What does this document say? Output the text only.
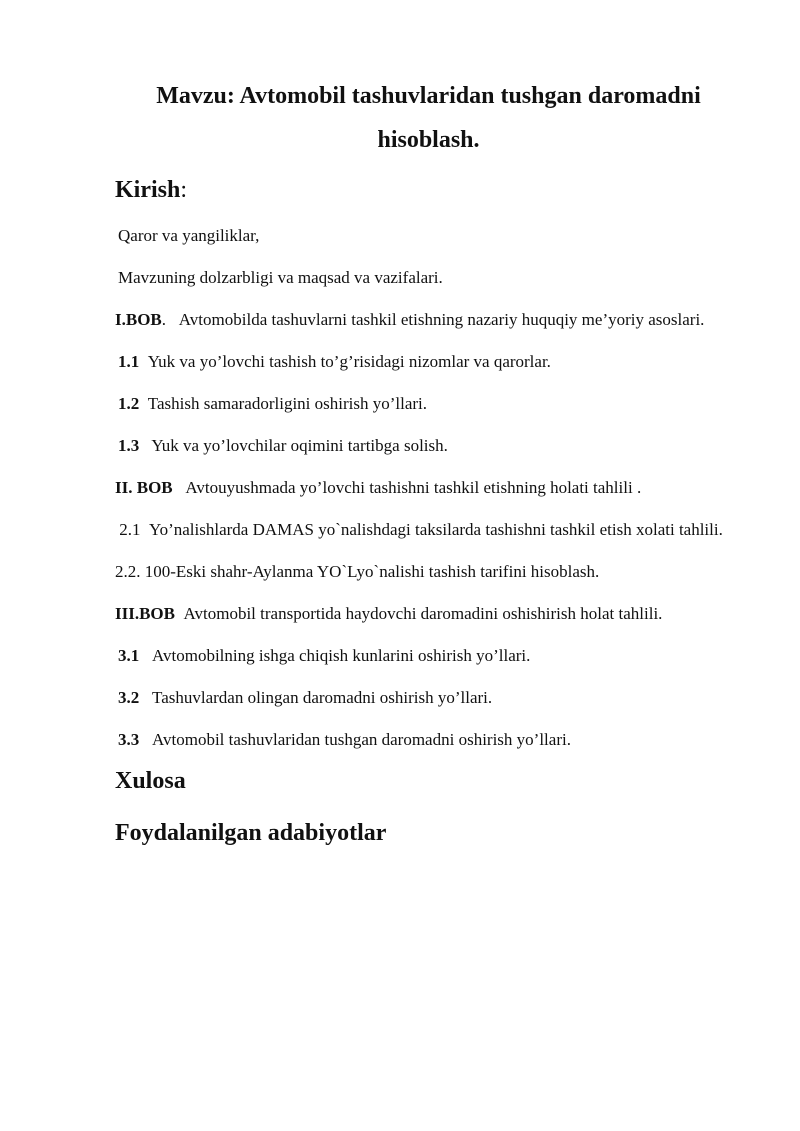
Mavzu: Avtomobil tashuvlaridan tushgan daromadni
hisoblash.
Kirish:

Qaror va yangiliklar,

Mavzuning dolzarbligi va maqsad va vazifalari.

I.BOB. Avtomobilda tashuvlarni tashkil etishning nazariy huquqiy me’yoriy asoslari.

1.1 Yuk va yo’lovchi tashish to’g’risidagi nizomlar va qarorlar.

1.2 Tashish samaradorligini oshirish yo’llari.

1.3   Yuk va yo’lovchilar oqimini tartibga solish.

II. BOB Avtouyushmada yo’lovchi tashishni tashkil etishning holati tahlili .

2.1 Yo’nalishlarda DAMAS yo`nalishdagi taksilarda tashishni tashkil etish xolati tahlili.

2.2. 100-Eski shahr-Aylanma YO`Lyo`nalishi tashish tarifini hisoblash.

III.BOB Avtomobil transportida haydovchi daromadini oshishirish holat tahlili.

3.1 Avtomobilning ishga chiqish kunlarini oshirish yo’llari.

3.2 Tashuvlardan olingan daromadni oshirish yo’llari.

3.3 Avtomobil tashuvlaridan tushgan daromadni oshirish yo’llari.

Xulosa
Foydalanilgan adabiyotlar
